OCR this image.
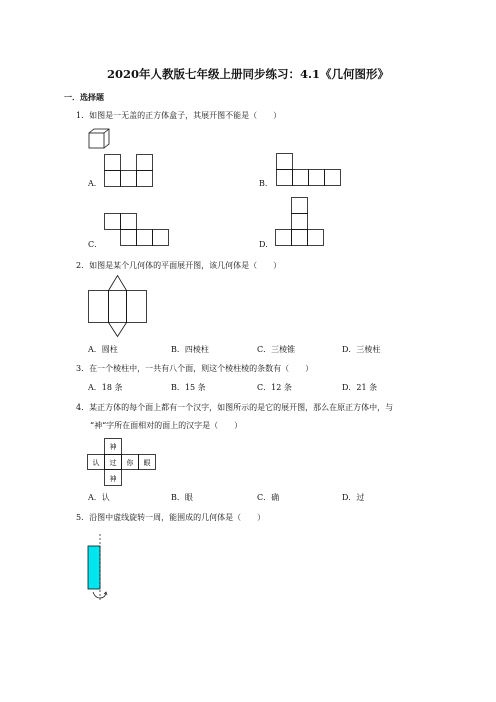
2020年人教版七年级上册同步练习：4.1《几何图形》
一．选择题
1．如图是一无盖的正方体盒子，其展开图不能是（　　）
A．	B．
C．	D．
2．如图是某个几何体的平面展开图，该几何体是（　　）
A．圆柱	B．四棱柱	C．三棱锥	D．三棱柱
3．在一个棱柱中，一共有八个面，则这个棱柱棱的条数有（　　）
A．18 条	B．15 条	C．12 条	D．21 条
4．某正方体的每个面上都有一个汉字，如图所示的是它的展开图，那么在原正方体中，与
“神“字所在面相对的面上的汉字是（　　）
神
认 过 你 眼
神
A．认	B．眼	C．确	D．过
5．沿图中虚线旋转一周，能围成的几何体是（　　）
